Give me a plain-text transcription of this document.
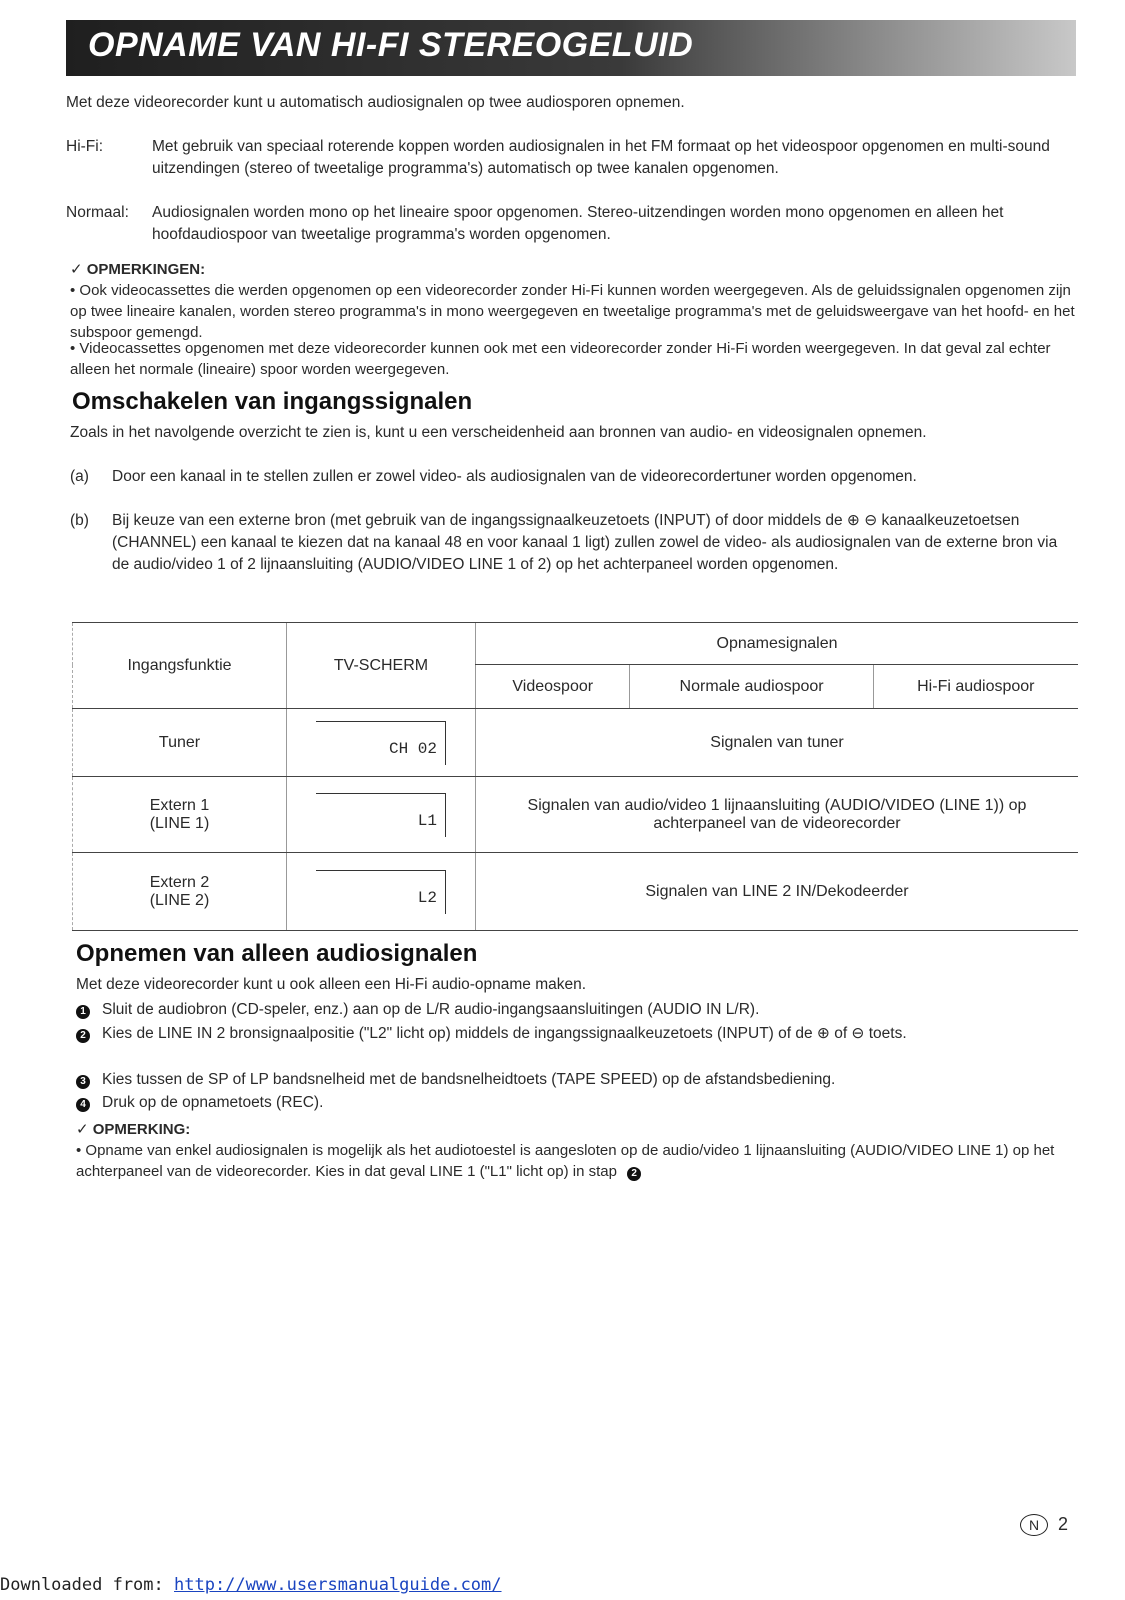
OPNAME VAN HI-FI STEREOGELUID
Met deze videorecorder kunt u automatisch audiosignalen op twee audiosporen opnemen.
Hi-Fi:	Met gebruik van speciaal roterende koppen worden audiosignalen in het FM formaat op het videospoor opgenomen en multi-sound uitzendingen (stereo of tweetalige programma's) automatisch op twee kanalen opgenomen.
Normaal: Audiosignalen worden mono op het lineaire spoor opgenomen. Stereo-uitzendingen worden mono opgenomen en alleen het hoofdaudiospoor van tweetalige programma's worden opgenomen.
✓ OPMERKINGEN:
• Ook videocassettes die werden opgenomen op een videorecorder zonder Hi-Fi kunnen worden weergegeven. Als de geluidssignalen opgenomen zijn op twee lineaire kanalen, worden stereo programma's in mono weergegeven en tweetalige programma's met de geluidsweergave van het hoofd- en het subspoor gemengd.
• Videocassettes opgenomen met deze videorecorder kunnen ook met een videorecorder zonder Hi-Fi worden weergegeven. In dat geval zal echter alleen het normale (lineaire) spoor worden weergegeven.
Omschakelen van ingangssignalen
Zoals in het navolgende overzicht te zien is, kunt u een verscheidenheid aan bronnen van audio- en videosignalen opnemen.
(a) Door een kanaal in te stellen zullen er zowel video- als audiosignalen van de videorecordertuner worden opgenomen.
(b) Bij keuze van een externe bron (met gebruik van de ingangssignaalkeuzetoets (INPUT) of door middels de ⊕ ⊖ kanaalkeuzetoetsen (CHANNEL) een kanaal te kiezen dat na kanaal 48 en voor kanaal 1 ligt) zullen zowel de video- als audiosignalen van de externe bron via de audio/video 1 of 2 lijnaansluiting (AUDIO/VIDEO LINE 1 of 2) op het achterpaneel worden opgenomen.
Ingangsfunktie	TV-SCHERM	Opnamesignalen		
		Videospoor	Normale audiospoor	Hi-Fi audiospoor
Tuner	CH 02	Signalen van tuner		
Extern 1
(LINE 1)	L1	Signalen van audio/video 1 lijnaansluiting (AUDIO/VIDEO (LINE 1)) op achterpaneel van de videorecorder		
Extern 2
(LINE 2)	L2	Signalen van LINE 2 IN/Dekodeerder		
Opnemen van alleen audiosignalen
Met deze videorecorder kunt u ook alleen een Hi-Fi audio-opname maken.
1 Sluit de audiobron (CD-speler, enz.) aan op de L/R audio-ingangsaansluitingen (AUDIO IN L/R).
2 Kies de LINE IN 2 bronsignaalpositie ("L2" licht op) middels de ingangssignaalkeuzetoets (INPUT) of de ⊕ of ⊖ toets.
3 Kies tussen de SP of LP bandsnelheid met de bandsnelheidtoets (TAPE SPEED) op de afstandsbediening.
4 Druk op de opnametoets (REC).
✓ OPMERKING:
• Opname van enkel audiosignalen is mogelijk als het audiotoestel is aangesloten op de audio/video 1 lijnaansluiting (AUDIO/VIDEO LINE 1) op het achterpaneel van de videorecorder. Kies in dat geval LINE 1 ("L1" licht op) in stap 2
N 2
Downloaded from: http://www.usersmanualguide.com/
